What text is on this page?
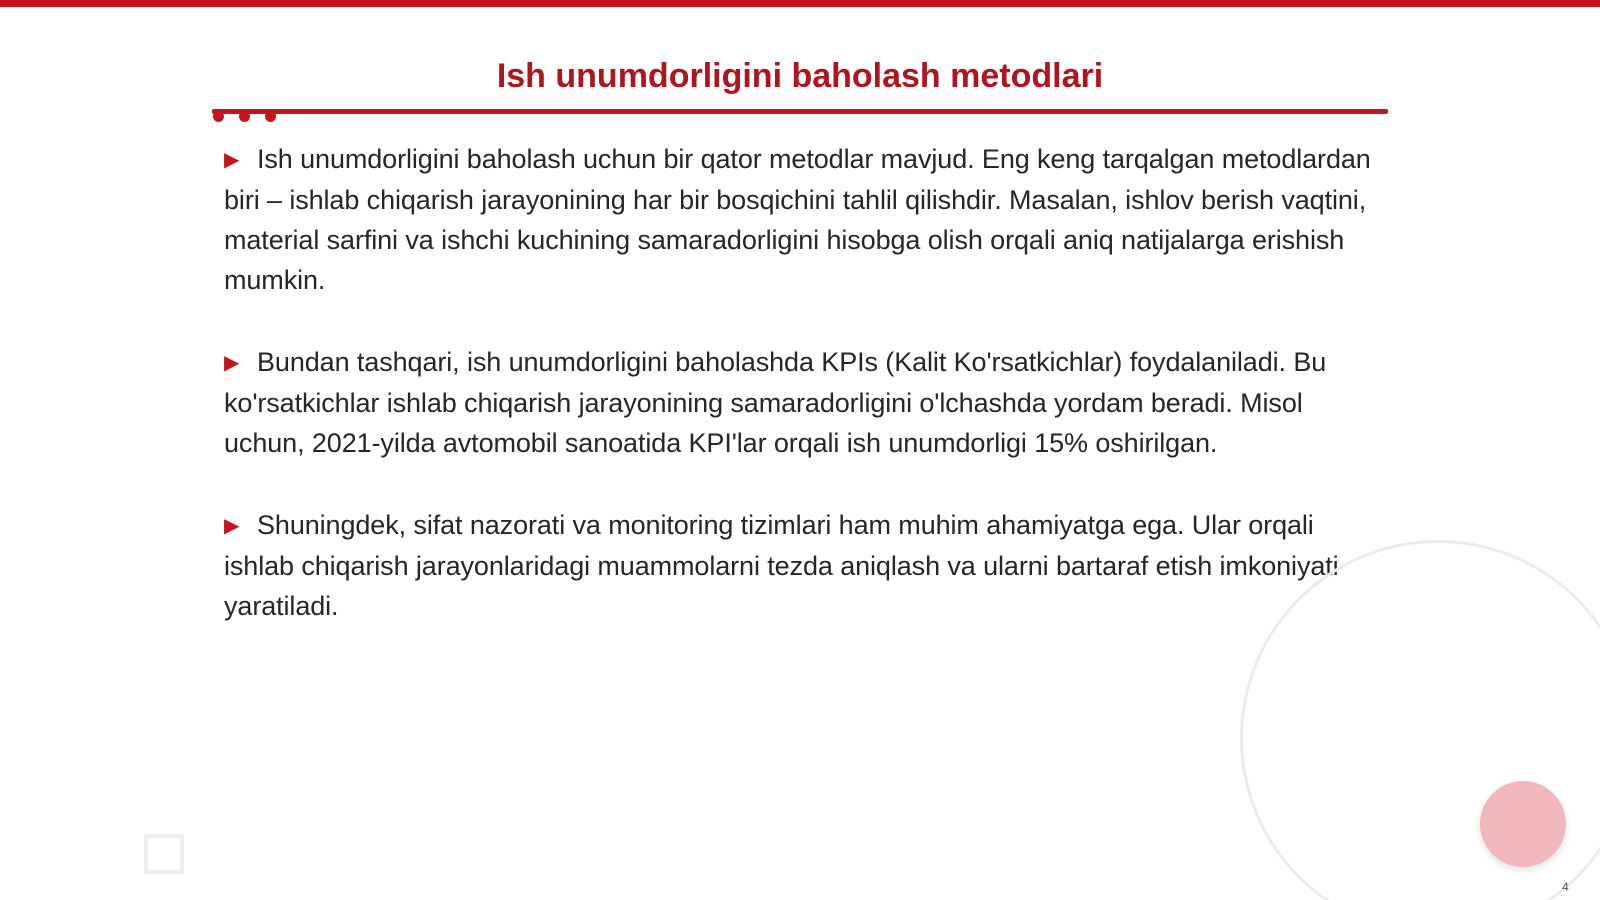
Ish unumdorligini baholash metodlari

▶ Ish unumdorligini baholash uchun bir qator metodlar mavjud. Eng keng tarqalgan metodlardan biri – ishlab chiqarish jarayonining har bir bosqichini tahlil qilishdir. Masalan, ishlov berish vaqtini, material sarfini va ishchi kuchining samaradorligini hisobga olish orqali aniq natijalarga erishish mumkin.

▶ Bundan tashqari, ish unumdorligini baholashda KPIs (Kalit Ko'rsatkichlar) foydalaniladi. Bu ko'rsatkichlar ishlab chiqarish jarayonining samaradorligini o'lchashda yordam beradi. Misol uchun, 2021-yilda avtomobil sanoatida KPI'lar orqali ish unumdorligi 15% oshirilgan.

▶ Shuningdek, sifat nazorati va monitoring tizimlari ham muhim ahamiyatga ega. Ular orqali ishlab chiqarish jarayonlaridagi muammolarni tezda aniqlash va ularni bartaraf etish imkoniyati yaratiladi.

4
